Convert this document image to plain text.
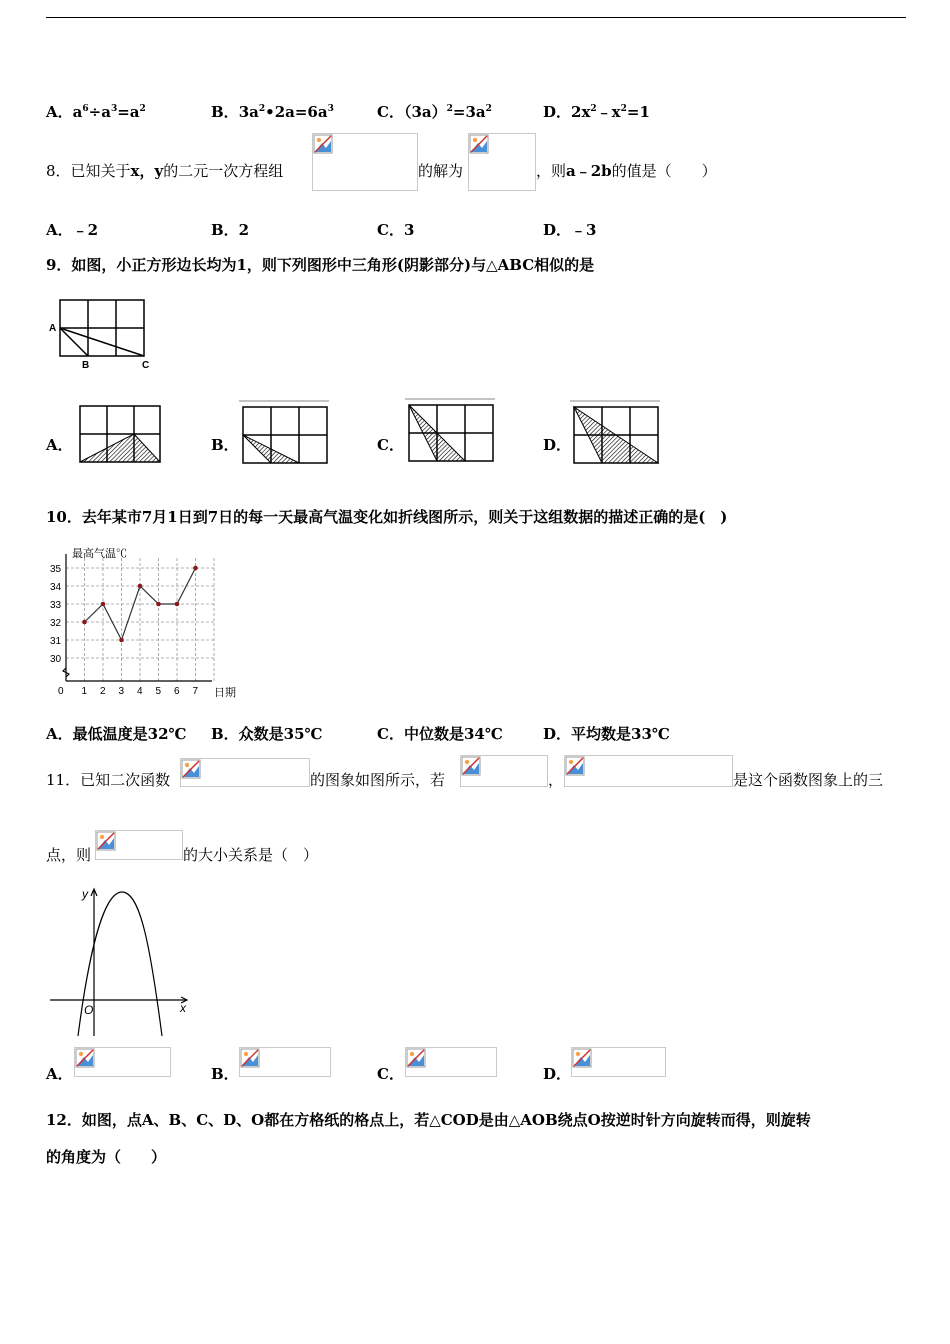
A．$a^6\div a^3=a^2$	B．$3a^2•2a=6a^3$	C．$(3a)^2=3a^2$	D．$2x^2﹣x^2=1$
8．已知关于x，y的二元一次方程组	的解为	，则a﹣2b的值是（　　）
A．﹣2	B．2	C．3	D．﹣3
9．如图，小正方形边长均为1，则下列图形中三角形(阴影部分)与△ABC相似的是
A
B	C
A．	B．	C．	D．
10．去年某市7月1日到7日的每一天最高气温变化如折线图所示，则关于这组数据的描述正确的是(　)
最高气温℃
日期
30
31
32
33
34
35
0 1 2 3 4 5 6 7
A．最低温度是32℃ B．众数是35℃	C．中位数是34℃	D．平均数是33℃
11．已知二次函数	的图象如图所示，若	，	是这个函数图象上的三
点，则	的大小关系是（　）
y
x
O
A．	B．	C．	D．
12．如图，点A、B、C、D、O都在方格纸的格点上，若△COD是由△AOB绕点O按逆时针方向旋转而得，则旋转
的角度为（　　）
